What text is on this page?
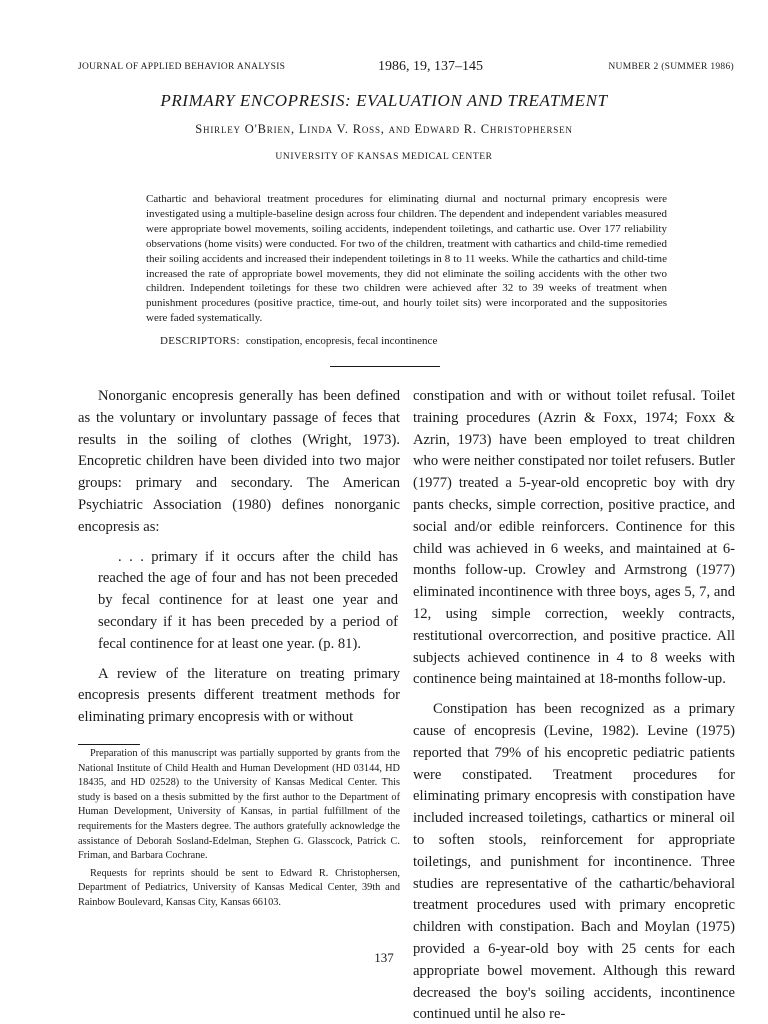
JOURNAL OF APPLIED BEHAVIOR ANALYSIS	1986, 19, 137–145	NUMBER 2 (SUMMER 1986)
PRIMARY ENCOPRESIS: EVALUATION AND TREATMENT
Shirley O'Brien, Linda V. Ross, and Edward R. Christophersen
UNIVERSITY OF KANSAS MEDICAL CENTER
Cathartic and behavioral treatment procedures for eliminating diurnal and nocturnal primary encopresis were investigated using a multiple-baseline design across four children. The dependent and independent variables measured were appropriate bowel movements, soiling accidents, independent toiletings, and cathartic use. Over 177 reliability observations (home visits) were conducted. For two of the children, treatment with cathartics and child-time remedied their soiling accidents and increased their independent toiletings in 8 to 11 weeks. While the cathartics and child-time increased the rate of appropriate bowel movements, they did not eliminate the soiling accidents with the other two children. Independent toiletings for these two children were achieved after 32 to 39 weeks of treatment when punishment procedures (positive practice, time-out, and hourly toilet sits) were incorporated and the suppositories were faded systematically.
DESCRIPTORS: constipation, encopresis, fecal incontinence

Nonorganic encopresis generally has been defined as the voluntary or involuntary passage of feces that results in the soiling of clothes (Wright, 1973). Encopretic children have been divided into two major groups: primary and secondary. The American Psychiatric Association (1980) defines nonorganic encopresis as:

. . . primary if it occurs after the child has reached the age of four and has not been preceded by fecal continence for at least one year and secondary if it has been preceded by a period of fecal continence for at least one year. (p. 81).

A review of the literature on treating primary encopresis presents different treatment methods for eliminating primary encopresis with or without

Preparation of this manuscript was partially supported by grants from the National Institute of Child Health and Human Development (HD 03144, HD 18435, and HD 02528) to the University of Kansas Medical Center. This study is based on a thesis submitted by the first author to the Department of Human Development, University of Kansas, in partial fulfillment of the requirements for the Masters degree. The authors gratefully acknowledge the assistance of Deborah Sosland-Edelman, Stephen G. Glasscock, Patrick C. Friman, and Barbara Cochrane.

Requests for reprints should be sent to Edward R. Christophersen, Department of Pediatrics, University of Kansas Medical Center, 39th and Rainbow Boulevard, Kansas City, Kansas 66103.

constipation and with or without toilet refusal. Toilet training procedures (Azrin & Foxx, 1974; Foxx & Azrin, 1973) have been employed to treat children who were neither constipated nor toilet refusers. Butler (1977) treated a 5-year-old encopretic boy with dry pants checks, simple correction, positive practice, and social and/or edible reinforcers. Continence for this child was achieved in 6 weeks, and maintained at 6-months follow-up. Crowley and Armstrong (1977) eliminated incontinence with three boys, ages 5, 7, and 12, using simple correction, weekly contracts, restitutional overcorrection, and positive practice. All subjects achieved continence in 4 to 8 weeks with continence being maintained at 18-months follow-up.

Constipation has been recognized as a primary cause of encopresis (Levine, 1982). Levine (1975) reported that 79% of his encopretic pediatric patients were constipated. Treatment procedures for eliminating primary encopresis with constipation have included increased toiletings, cathartics or mineral oil to soften stools, reinforcement for appropriate toiletings, and punishment for incontinence. Three studies are representative of the cathartic/behavioral treatment procedures used with primary encopretic children with constipation. Bach and Moylan (1975) provided a 6-year-old boy with 25 cents for each appropriate bowel movement. Although this reward decreased the boy's soiling accidents, incontinence continued until he also re-

137
